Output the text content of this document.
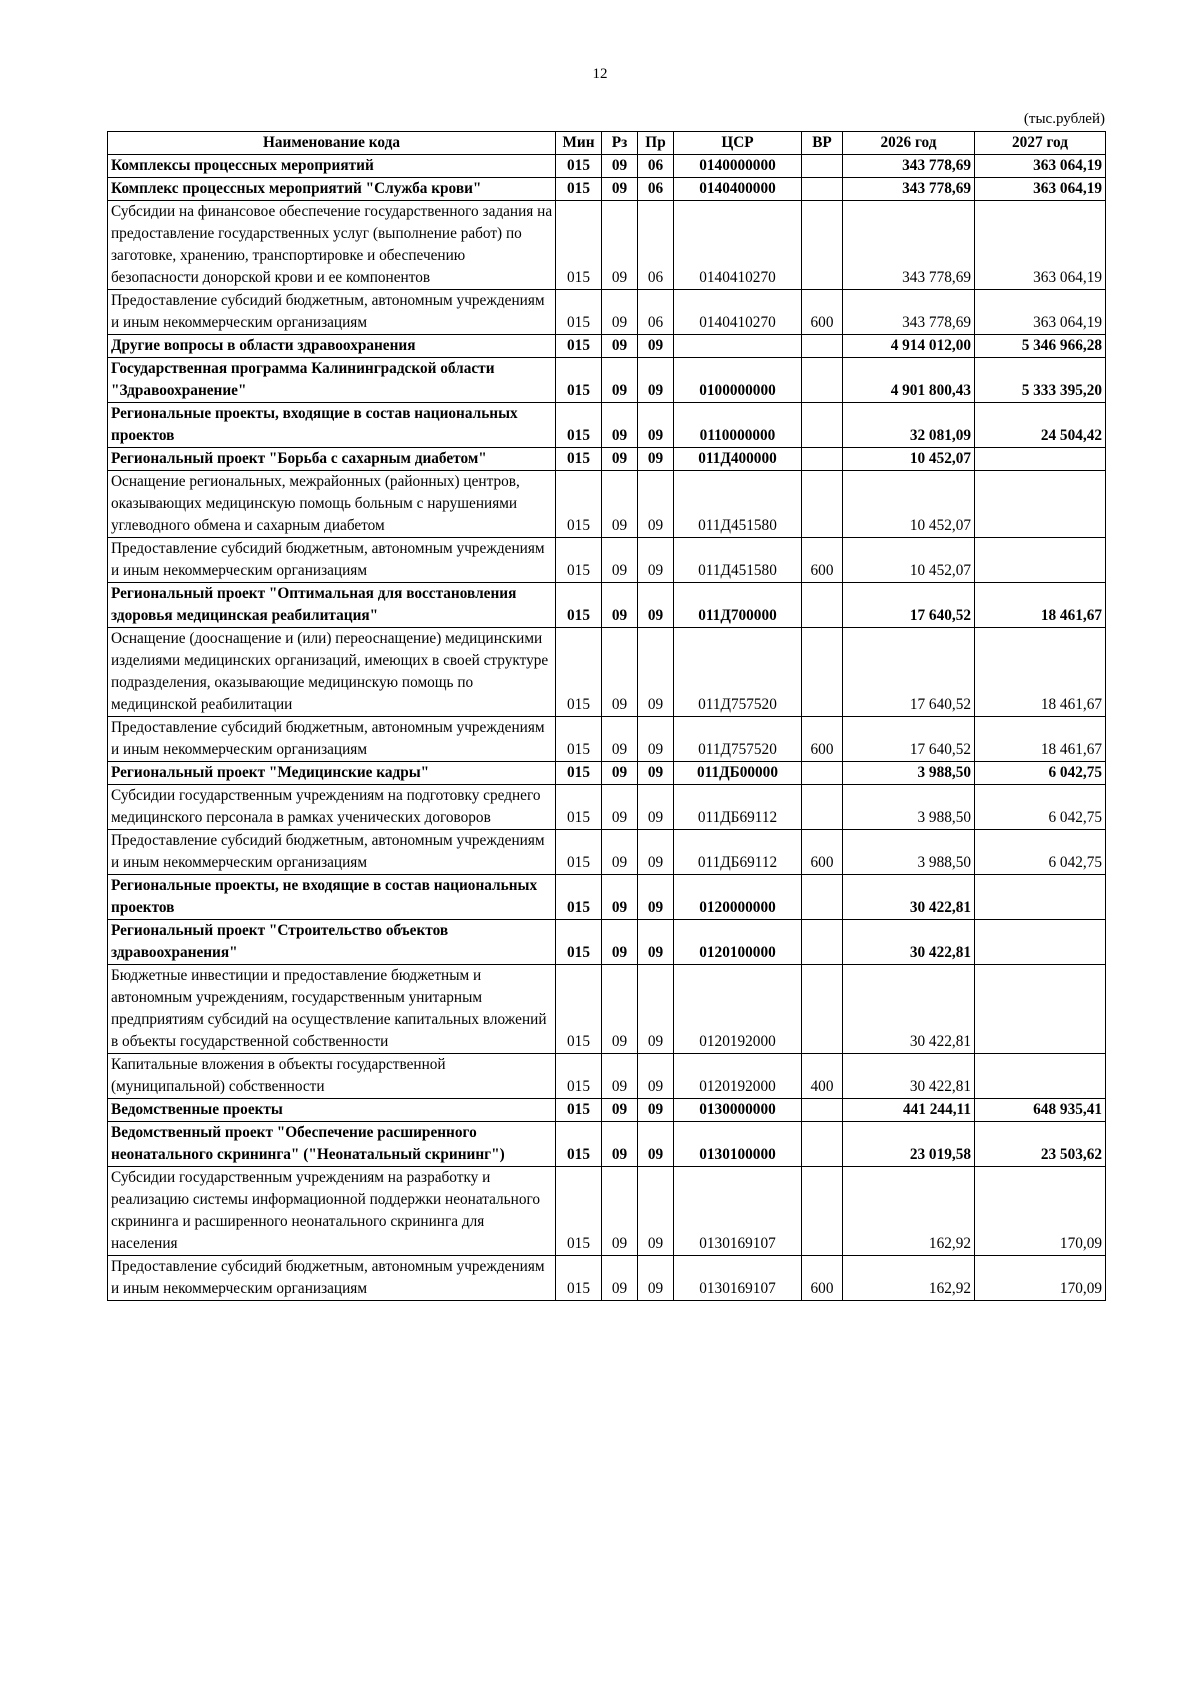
12
(тыс.рублей)
Наименование кода	Мин	Рз	Пр	ЦСР	ВР	2026 год	2027 год
Комплексы процессных мероприятий	015	09	06	0140000000		343 778,69	363 064,19
Комплекс процессных мероприятий "Служба крови"	015	09	06	0140400000		343 778,69	363 064,19
Субсидии на финансовое обеспечение государственного задания на предоставление государственных услуг (выполнение работ) по заготовке, хранению, транспортировке и обеспечению безопасности донорской крови и ее компонентов	015	09	06	0140410270		343 778,69	363 064,19
Предоставление субсидий бюджетным, автономным учреждениям и иным некоммерческим организациям	015	09	06	0140410270	600	343 778,69	363 064,19
Другие вопросы в области здравоохранения	015	09	09			4 914 012,00	5 346 966,28
Государственная программа Калининградской области "Здравоохранение"	015	09	09	0100000000		4 901 800,43	5 333 395,20
Региональные проекты, входящие в состав национальных проектов	015	09	09	0110000000		32 081,09	24 504,42
Региональный проект "Борьба с сахарным диабетом"	015	09	09	011Д400000		10 452,07	
Оснащение региональных, межрайонных (районных) центров, оказывающих медицинскую помощь больным с нарушениями углеводного обмена и сахарным диабетом	015	09	09	011Д451580		10 452,07	
Предоставление субсидий бюджетным, автономным учреждениям и иным некоммерческим организациям	015	09	09	011Д451580	600	10 452,07	
Региональный проект "Оптимальная для восстановления здоровья медицинская реабилитация"	015	09	09	011Д700000		17 640,52	18 461,67
Оснащение (дооснащение и (или) переоснащение) медицинскими изделиями медицинских организаций, имеющих в своей структуре подразделения, оказывающие медицинскую помощь по медицинской реабилитации	015	09	09	011Д757520		17 640,52	18 461,67
Предоставление субсидий бюджетным, автономным учреждениям и иным некоммерческим организациям	015	09	09	011Д757520	600	17 640,52	18 461,67
Региональный проект "Медицинские кадры"	015	09	09	011ДБ00000		3 988,50	6 042,75
Субсидии государственным учреждениям на подготовку среднего медицинского персонала в рамках ученических договоров	015	09	09	011ДБ69112		3 988,50	6 042,75
Предоставление субсидий бюджетным, автономным учреждениям и иным некоммерческим организациям	015	09	09	011ДБ69112	600	3 988,50	6 042,75
Региональные проекты, не входящие в состав национальных проектов	015	09	09	0120000000		30 422,81	
Региональный проект "Строительство объектов здравоохранения"	015	09	09	0120100000		30 422,81	
Бюджетные инвестиции и предоставление бюджетным и автономным учреждениям, государственным унитарным предприятиям субсидий на осуществление капитальных вложений в объекты государственной собственности	015	09	09	0120192000		30 422,81	
Капитальные вложения в объекты государственной (муниципальной) собственности	015	09	09	0120192000	400	30 422,81	
Ведомственные проекты	015	09	09	0130000000		441 244,11	648 935,41
Ведомственный проект "Обеспечение расширенного неонатального скрининга" ("Неонатальный скрининг")	015	09	09	0130100000		23 019,58	23 503,62
Субсидии государственным учреждениям на разработку и реализацию системы информационной поддержки неонатального скрининга и расширенного неонатального скрининга для населения	015	09	09	0130169107		162,92	170,09
Предоставление субсидий бюджетным, автономным учреждениям и иным некоммерческим организациям	015	09	09	0130169107	600	162,92	170,09
